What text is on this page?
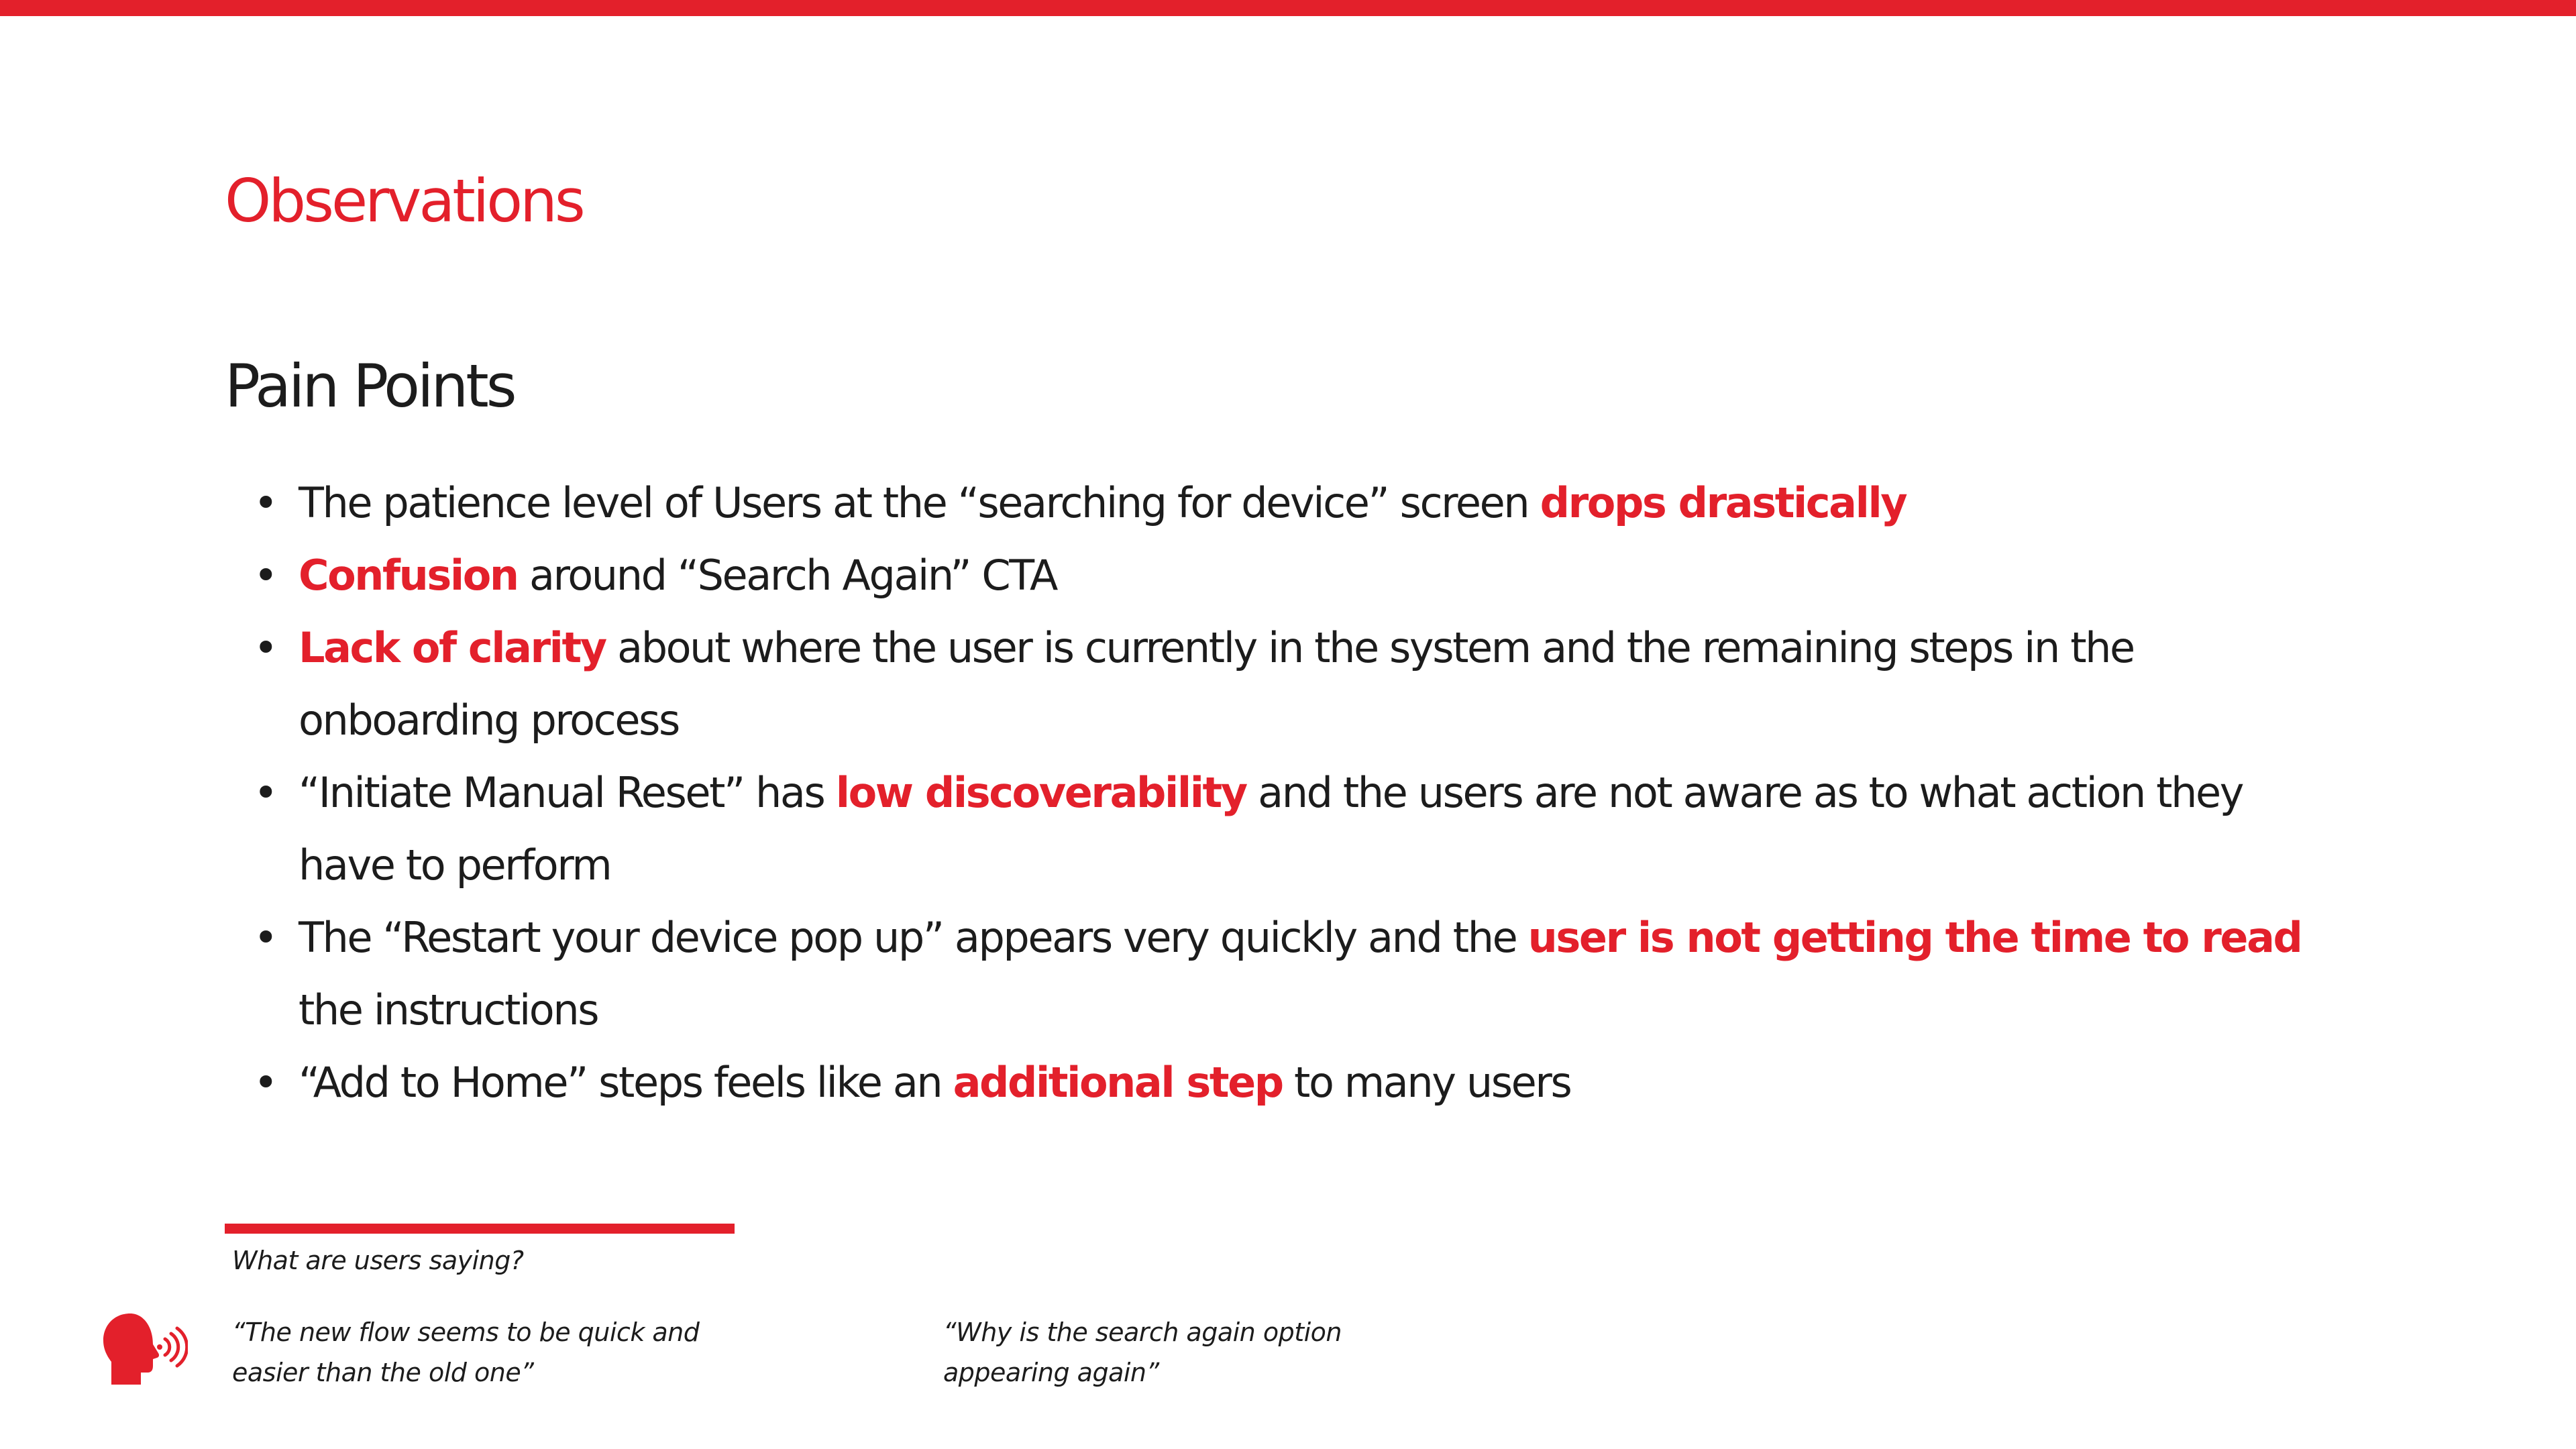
Observations
Pain Points
• The patience level of Users at the “searching for device” screen drops drastically
• Confusion around “Search Again” CTA
• Lack of clarity about where the user is currently in the system and the remaining steps in the onboarding process
• “Initiate Manual Reset” has low discoverability and the users are not aware as to what action they have to perform
• The “Restart your device pop up” appears very quickly and the user is not getting the time to read the instructions
• “Add to Home” steps feels like an additional step to many users
What are users saying?
“The new flow seems to be quick and easier than the old one”
“Why is the search again option appearing again”
